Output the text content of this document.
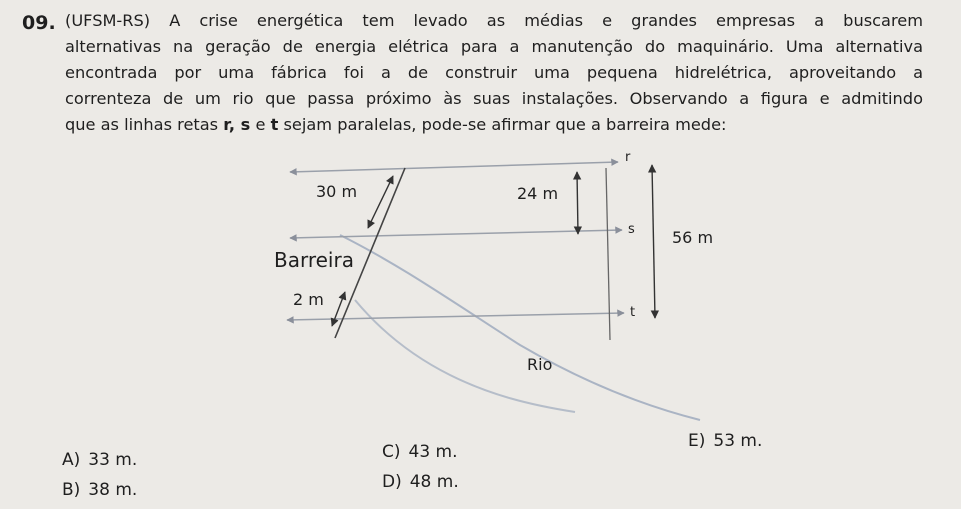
09. (UFSM-RS) A crise energética tem levado as médias e grandes empresas a buscarem
alternativas na geração de energia elétrica para a manutenção do maquinário. Uma alternativa
encontrada por uma fábrica foi a de construir uma pequena hidrelétrica, aproveitando a
correnteza de um rio que passa próximo às suas instalações. Observando a figura e admitindo
que as linhas retas r, s e t sejam paralelas, pode-se afirmar que a barreira mede:
30 m	24 m
56 m
Barreira
2 m
Rio
r
s
t
A) 33 m.
B) 38 m.
C) 43 m.
D) 48 m.
E) 53 m.
